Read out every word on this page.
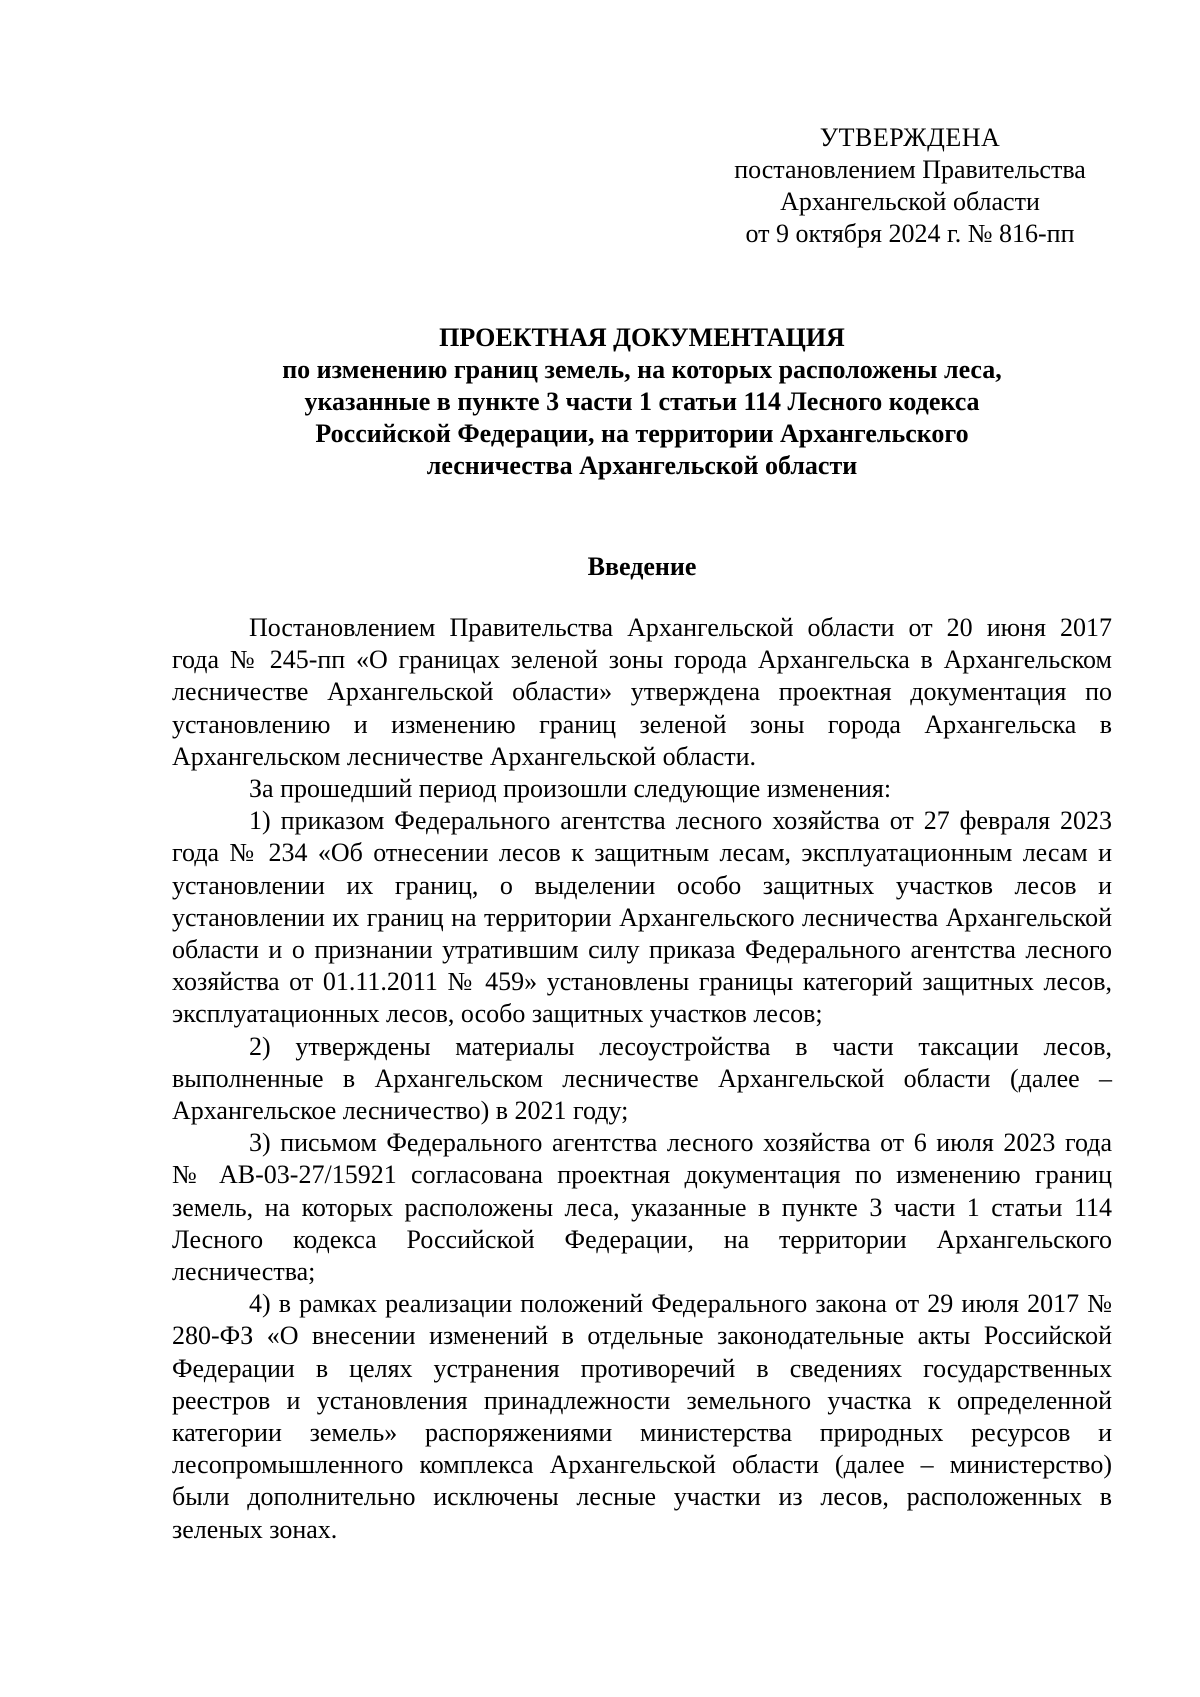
УТВЕРЖДЕНА
постановлением Правительства
Архангельской области
от 9 октября 2024 г. № 816-пп
ПРОЕКТНАЯ ДОКУМЕНТАЦИЯ
по изменению границ земель, на которых расположены леса,
указанные в пункте 3 части 1 статьи 114 Лесного кодекса
Российской Федерации, на территории Архангельского
лесничества Архангельской области
Введение

Постановлением Правительства Архангельской области от 20 июня 2017 года № 245-пп «О границах зеленой зоны города Архангельска в Архангельском лесничестве Архангельской области» утверждена проектная документация по установлению и изменению границ зеленой зоны города Архангельска в Архангельском лесничестве Архангельской области.

За прошедший период произошли следующие изменения:

1) приказом Федерального агентства лесного хозяйства от 27 февраля 2023 года № 234 «Об отнесении лесов к защитным лесам, эксплуатационным лесам и установлении их границ, о выделении особо защитных участков лесов и установлении их границ на территории Архангельского лесничества Архангельской области и о признании утратившим силу приказа Федерального агентства лесного хозяйства от 01.11.2011 № 459» установлены границы категорий защитных лесов, эксплуатационных лесов, особо защитных участков лесов;

2) утверждены материалы лесоустройства в части таксации лесов, выполненные в Архангельском лесничестве Архангельской области (далее – Архангельское лесничество) в 2021 году;

3) письмом Федерального агентства лесного хозяйства от 6 июля 2023 года № АВ-03-27/15921 согласована проектная документация по изменению границ земель, на которых расположены леса, указанные в пункте 3 части 1 статьи 114 Лесного кодекса Российской Федерации, на территории Архангельского лесничества;

4) в рамках реализации положений Федерального закона от 29 июля 2017 № 280-ФЗ «О внесении изменений в отдельные законодательные акты Российской Федерации в целях устранения противоречий в сведениях государственных реестров и установления принадлежности земельного участка к определенной категории земель» распоряжениями министерства природных ресурсов и лесопромышленного комплекса Архангельской области (далее – министерство) были дополнительно исключены лесные участки из лесов, расположенных в зеленых зонах.
